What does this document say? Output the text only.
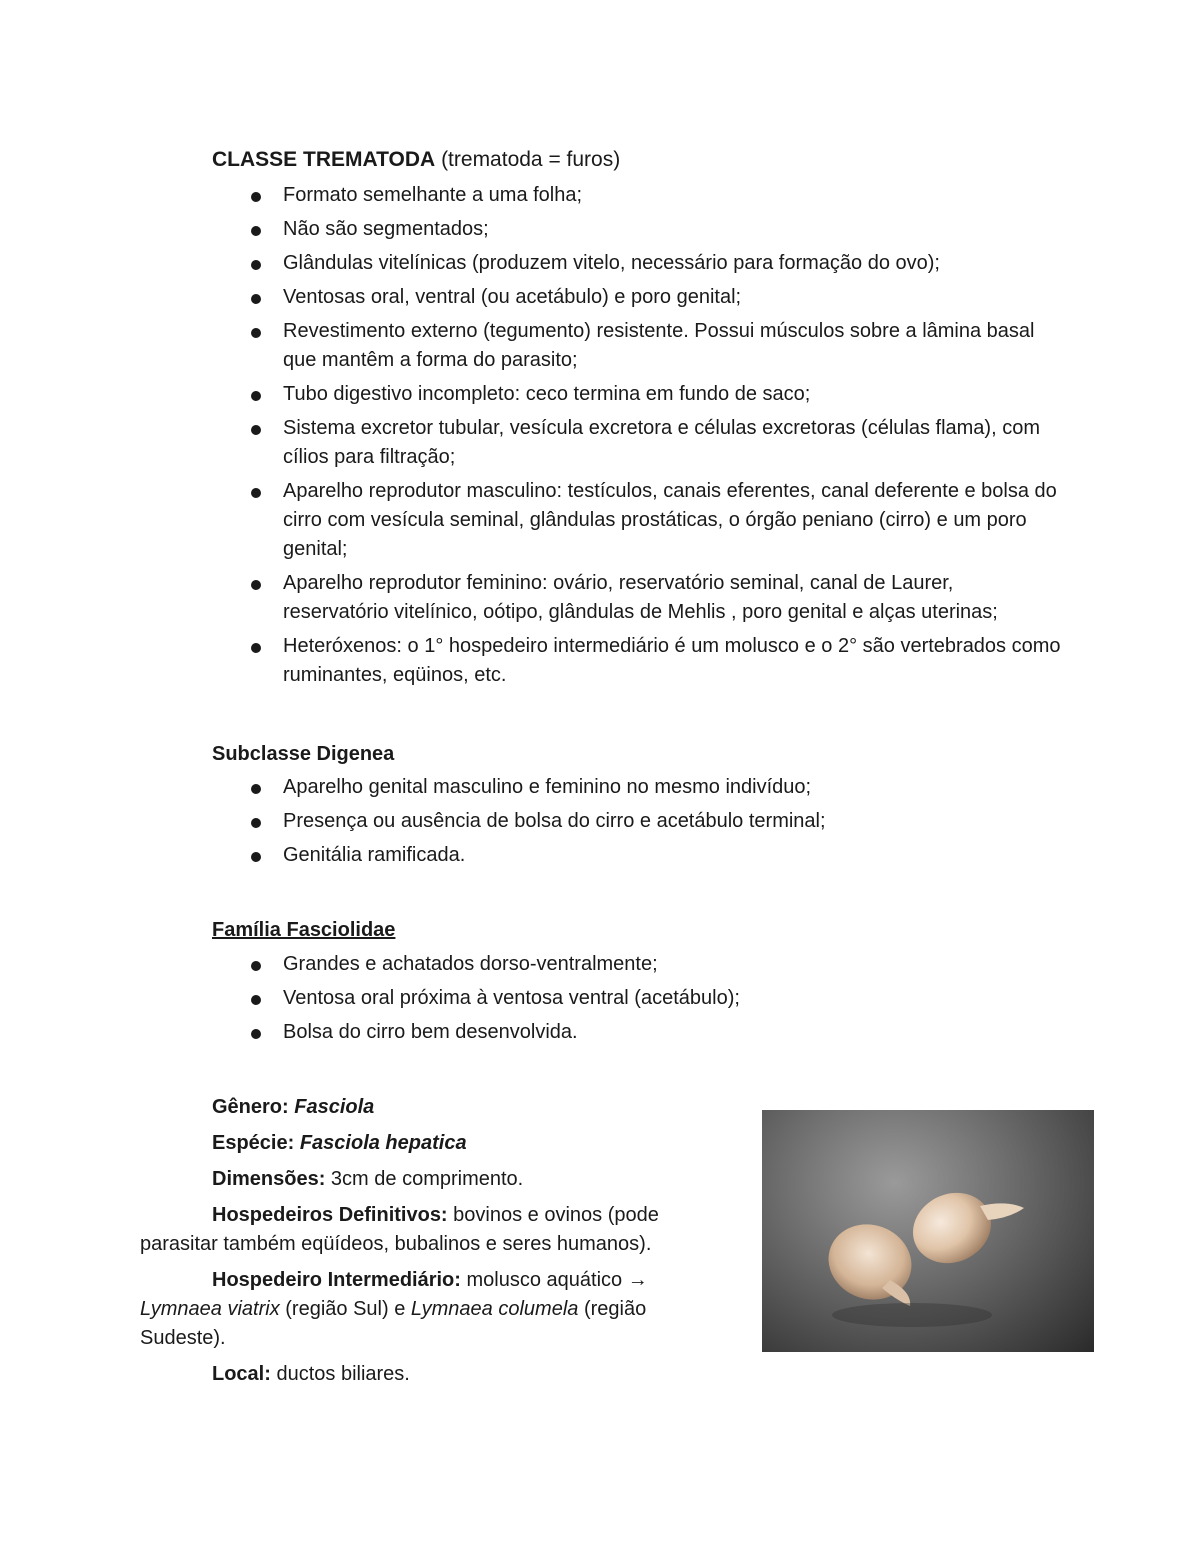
CLASSE TREMATODA (trematoda = furos)
Formato semelhante a uma folha;
Não são segmentados;
Glândulas vitelínicas (produzem vitelo, necessário para formação do ovo);
Ventosas oral, ventral (ou acetábulo) e poro genital;
Revestimento externo (tegumento) resistente. Possui músculos sobre a lâmina basal que mantêm a forma do parasito;
Tubo digestivo incompleto: ceco termina em fundo de saco;
Sistema excretor tubular, vesícula excretora e células excretoras (células flama), com cílios para filtração;
Aparelho reprodutor masculino: testículos, canais eferentes, canal deferente e bolsa do cirro com vesícula seminal, glândulas prostáticas, o órgão peniano (cirro) e um poro genital;
Aparelho reprodutor feminino: ovário, reservatório seminal, canal de Laurer, reservatório vitelínico, oótipo, glândulas de Mehlis , poro genital e alças uterinas;
Heteróxenos: o 1° hospedeiro intermediário é um molusco e o 2° são vertebrados como ruminantes, eqüinos, etc.
Subclasse Digenea
Aparelho genital masculino e feminino no mesmo indivíduo;
Presença ou ausência de bolsa do cirro e acetábulo terminal;
Genitália ramificada.
Família Fasciolidae
Grandes e achatados dorso-ventralmente;
Ventosa oral próxima à ventosa ventral (acetábulo);
Bolsa do cirro bem desenvolvida.

Gênero: Fasciola

Espécie: Fasciola hepatica

Dimensões: 3cm de comprimento.

Hospedeiros Definitivos: bovinos e ovinos (pode parasitar também eqüídeos, bubalinos e seres humanos).

Hospedeiro Intermediário: molusco aquático → Lymnaea viatrix (região Sul) e Lymnaea columela (região Sudeste).

Local: ductos biliares.
